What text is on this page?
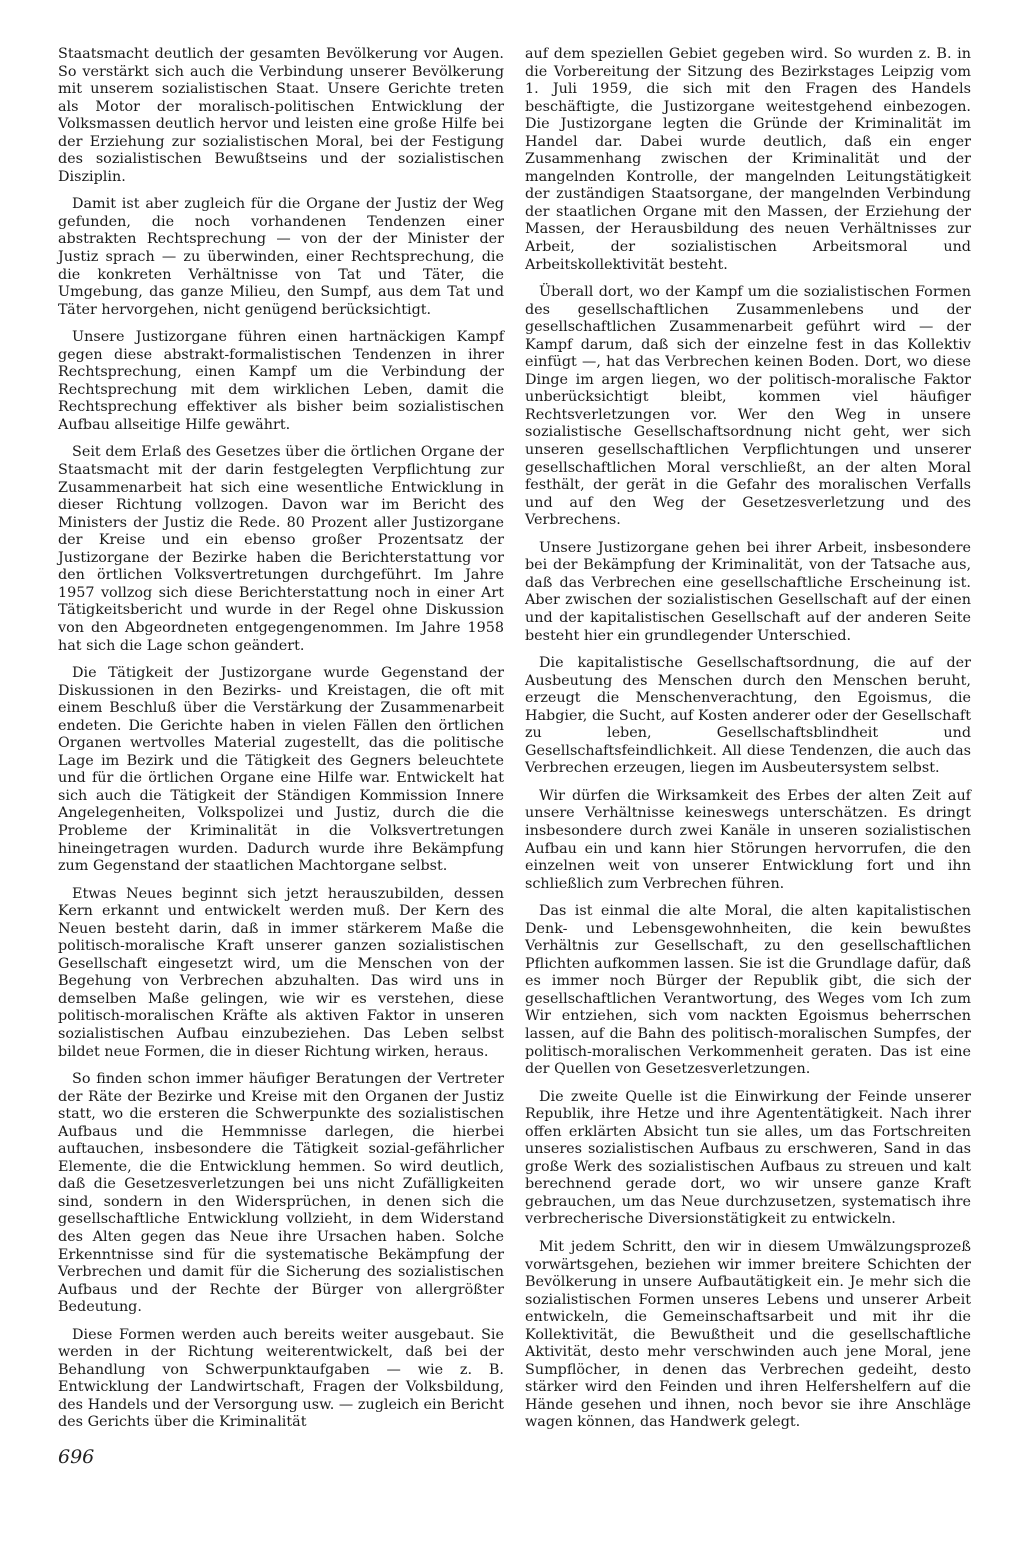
Staatsmacht deutlich der gesamten Bevölkerung vor Augen. So verstärkt sich auch die Verbindung unserer Bevölkerung mit unserem sozialistischen Staat. Unsere Gerichte treten als Motor der moralisch-politischen Entwicklung der Volksmassen deutlich hervor und leisten eine große Hilfe bei der Erziehung zur sozialistischen Moral, bei der Festigung des sozialistischen Bewußtseins und der sozialistischen Disziplin.

Damit ist aber zugleich für die Organe der Justiz der Weg gefunden, die noch vorhandenen Tendenzen einer abstrakten Rechtsprechung — von der der Minister der Justiz sprach — zu überwinden, einer Rechtsprechung, die die konkreten Verhältnisse von Tat und Täter, die Umgebung, das ganze Milieu, den Sumpf, aus dem Tat und Täter hervorgehen, nicht genügend berücksichtigt.

Unsere Justizorgane führen einen hartnäckigen Kampf gegen diese abstrakt-formalistischen Tendenzen in ihrer Rechtsprechung, einen Kampf um die Verbindung der Rechtsprechung mit dem wirklichen Leben, damit die Rechtsprechung effektiver als bisher beim sozialistischen Aufbau allseitige Hilfe gewährt.

Seit dem Erlaß des Gesetzes über die örtlichen Organe der Staatsmacht mit der darin festgelegten Verpflichtung zur Zusammenarbeit hat sich eine wesentliche Entwicklung in dieser Richtung vollzogen. Davon war im Bericht des Ministers der Justiz die Rede. 80 Prozent aller Justizorgane der Kreise und ein ebenso großer Prozentsatz der Justizorgane der Bezirke haben die Berichterstattung vor den örtlichen Volksvertretungen durchgeführt. Im Jahre 1957 vollzog sich diese Berichterstattung noch in einer Art Tätigkeitsbericht und wurde in der Regel ohne Diskussion von den Abgeordneten entgegengenommen. Im Jahre 1958 hat sich die Lage schon geändert.

Die Tätigkeit der Justizorgane wurde Gegenstand der Diskussionen in den Bezirks- und Kreistagen, die oft mit einem Beschluß über die Verstärkung der Zusammenarbeit endeten. Die Gerichte haben in vielen Fällen den örtlichen Organen wertvolles Material zugestellt, das die politische Lage im Bezirk und die Tätigkeit des Gegners beleuchtete und für die örtlichen Organe eine Hilfe war. Entwickelt hat sich auch die Tätigkeit der Ständigen Kommission Innere Angelegenheiten, Volkspolizei und Justiz, durch die die Probleme der Kriminalität in die Volksvertretungen hineingetragen wurden. Dadurch wurde ihre Bekämpfung zum Gegenstand der staatlichen Machtorgane selbst.

Etwas Neues beginnt sich jetzt herauszubilden, dessen Kern erkannt und entwickelt werden muß. Der Kern des Neuen besteht darin, daß in immer stärkerem Maße die politisch-moralische Kraft unserer ganzen sozialistischen Gesellschaft eingesetzt wird, um die Menschen von der Begehung von Verbrechen abzuhalten. Das wird uns in demselben Maße gelingen, wie wir es verstehen, diese politisch-moralischen Kräfte als aktiven Faktor in unseren sozialistischen Aufbau einzubeziehen. Das Leben selbst bildet neue Formen, die in dieser Richtung wirken, heraus.

So finden schon immer häufiger Beratungen der Vertreter der Räte der Bezirke und Kreise mit den Organen der Justiz statt, wo die ersteren die Schwerpunkte des sozialistischen Aufbaus und die Hemmnisse darlegen, die hierbei auftauchen, insbesondere die Tätigkeit sozial-gefährlicher Elemente, die die Entwicklung hemmen. So wird deutlich, daß die Gesetzesverletzungen bei uns nicht Zufälligkeiten sind, sondern in den Widersprüchen, in denen sich die gesellschaftliche Entwicklung vollzieht, in dem Widerstand des Alten gegen das Neue ihre Ursachen haben. Solche Erkenntnisse sind für die systematische Bekämpfung der Verbrechen und damit für die Sicherung des sozialistischen Aufbaus und der Rechte der Bürger von allergrößter Bedeutung.

Diese Formen werden auch bereits weiter ausgebaut. Sie werden in der Richtung weiterentwickelt, daß bei der Behandlung von Schwerpunktaufgaben — wie z. B. Entwicklung der Landwirtschaft, Fragen der Volksbildung, des Handels und der Versorgung usw. — zugleich ein Bericht des Gerichts über die Kriminalität

auf dem speziellen Gebiet gegeben wird. So wurden z. B. in die Vorbereitung der Sitzung des Bezirkstages Leipzig vom 1. Juli 1959, die sich mit den Fragen des Handels beschäftigte, die Justizorgane weitestgehend einbezogen. Die Justizorgane legten die Gründe der Kriminalität im Handel dar. Dabei wurde deutlich, daß ein enger Zusammenhang zwischen der Kriminalität und der mangelnden Kontrolle, der mangelnden Leitungstätigkeit der zuständigen Staatsorgane, der mangelnden Verbindung der staatlichen Organe mit den Massen, der Erziehung der Massen, der Herausbildung des neuen Verhältnisses zur Arbeit, der sozialistischen Arbeitsmoral und Arbeitskollektivität besteht.

Überall dort, wo der Kampf um die sozialistischen Formen des gesellschaftlichen Zusammenlebens und der gesellschaftlichen Zusammenarbeit geführt wird — der Kampf darum, daß sich der einzelne fest in das Kollektiv einfügt —, hat das Verbrechen keinen Boden. Dort, wo diese Dinge im argen liegen, wo der politisch-moralische Faktor unberücksichtigt bleibt, kommen viel häufiger Rechtsverletzungen vor. Wer den Weg in unsere sozialistische Gesellschaftsordnung nicht geht, wer sich unseren gesellschaftlichen Verpflichtungen und unserer gesellschaftlichen Moral verschließt, an der alten Moral festhält, der gerät in die Gefahr des moralischen Verfalls und auf den Weg der Gesetzesverletzung und des Verbrechens.

Unsere Justizorgane gehen bei ihrer Arbeit, insbesondere bei der Bekämpfung der Kriminalität, von der Tatsache aus, daß das Verbrechen eine gesellschaftliche Erscheinung ist. Aber zwischen der sozialistischen Gesellschaft auf der einen und der kapitalistischen Gesellschaft auf der anderen Seite besteht hier ein grundlegender Unterschied.

Die kapitalistische Gesellschaftsordnung, die auf der Ausbeutung des Menschen durch den Menschen beruht, erzeugt die Menschenverachtung, den Egoismus, die Habgier, die Sucht, auf Kosten anderer oder der Gesellschaft zu leben, Gesellschaftsblindheit und Gesellschaftsfeindlichkeit. All diese Tendenzen, die auch das Verbrechen erzeugen, liegen im Ausbeutersystem selbst.

Wir dürfen die Wirksamkeit des Erbes der alten Zeit auf unsere Verhältnisse keineswegs unterschätzen. Es dringt insbesondere durch zwei Kanäle in unseren sozialistischen Aufbau ein und kann hier Störungen hervorrufen, die den einzelnen weit von unserer Entwicklung fort und ihn schließlich zum Verbrechen führen.

Das ist einmal die alte Moral, die alten kapitalistischen Denk- und Lebensgewohnheiten, die kein bewußtes Verhältnis zur Gesellschaft, zu den gesellschaftlichen Pflichten aufkommen lassen. Sie ist die Grundlage dafür, daß es immer noch Bürger der Republik gibt, die sich der gesellschaftlichen Verantwortung, des Weges vom Ich zum Wir entziehen, sich vom nackten Egoismus beherrschen lassen, auf die Bahn des politisch-moralischen Sumpfes, der politisch-moralischen Verkommenheit geraten. Das ist eine der Quellen von Gesetzesverletzungen.

Die zweite Quelle ist die Einwirkung der Feinde unserer Republik, ihre Hetze und ihre Agententätigkeit. Nach ihrer offen erklärten Absicht tun sie alles, um das Fortschreiten unseres sozialistischen Aufbaus zu erschweren, Sand in das große Werk des sozialistischen Aufbaus zu streuen und kalt berechnend gerade dort, wo wir unsere ganze Kraft gebrauchen, um das Neue durchzusetzen, systematisch ihre verbrecherische Diversionstätigkeit zu entwickeln.

Mit jedem Schritt, den wir in diesem Umwälzungsprozeß vorwärtsgehen, beziehen wir immer breitere Schichten der Bevölkerung in unsere Aufbautätigkeit ein. Je mehr sich die sozialistischen Formen unseres Lebens und unserer Arbeit entwickeln, die Gemeinschaftsarbeit und mit ihr die Kollektivität, die Bewußtheit und die gesellschaftliche Aktivität, desto mehr verschwinden auch jene Moral, jene Sumpflöcher, in denen das Verbrechen gedeiht, desto stärker wird den Feinden und ihren Helfershelfern auf die Hände gesehen und ihnen, noch bevor sie ihre Anschläge wagen können, das Handwerk gelegt.

696
